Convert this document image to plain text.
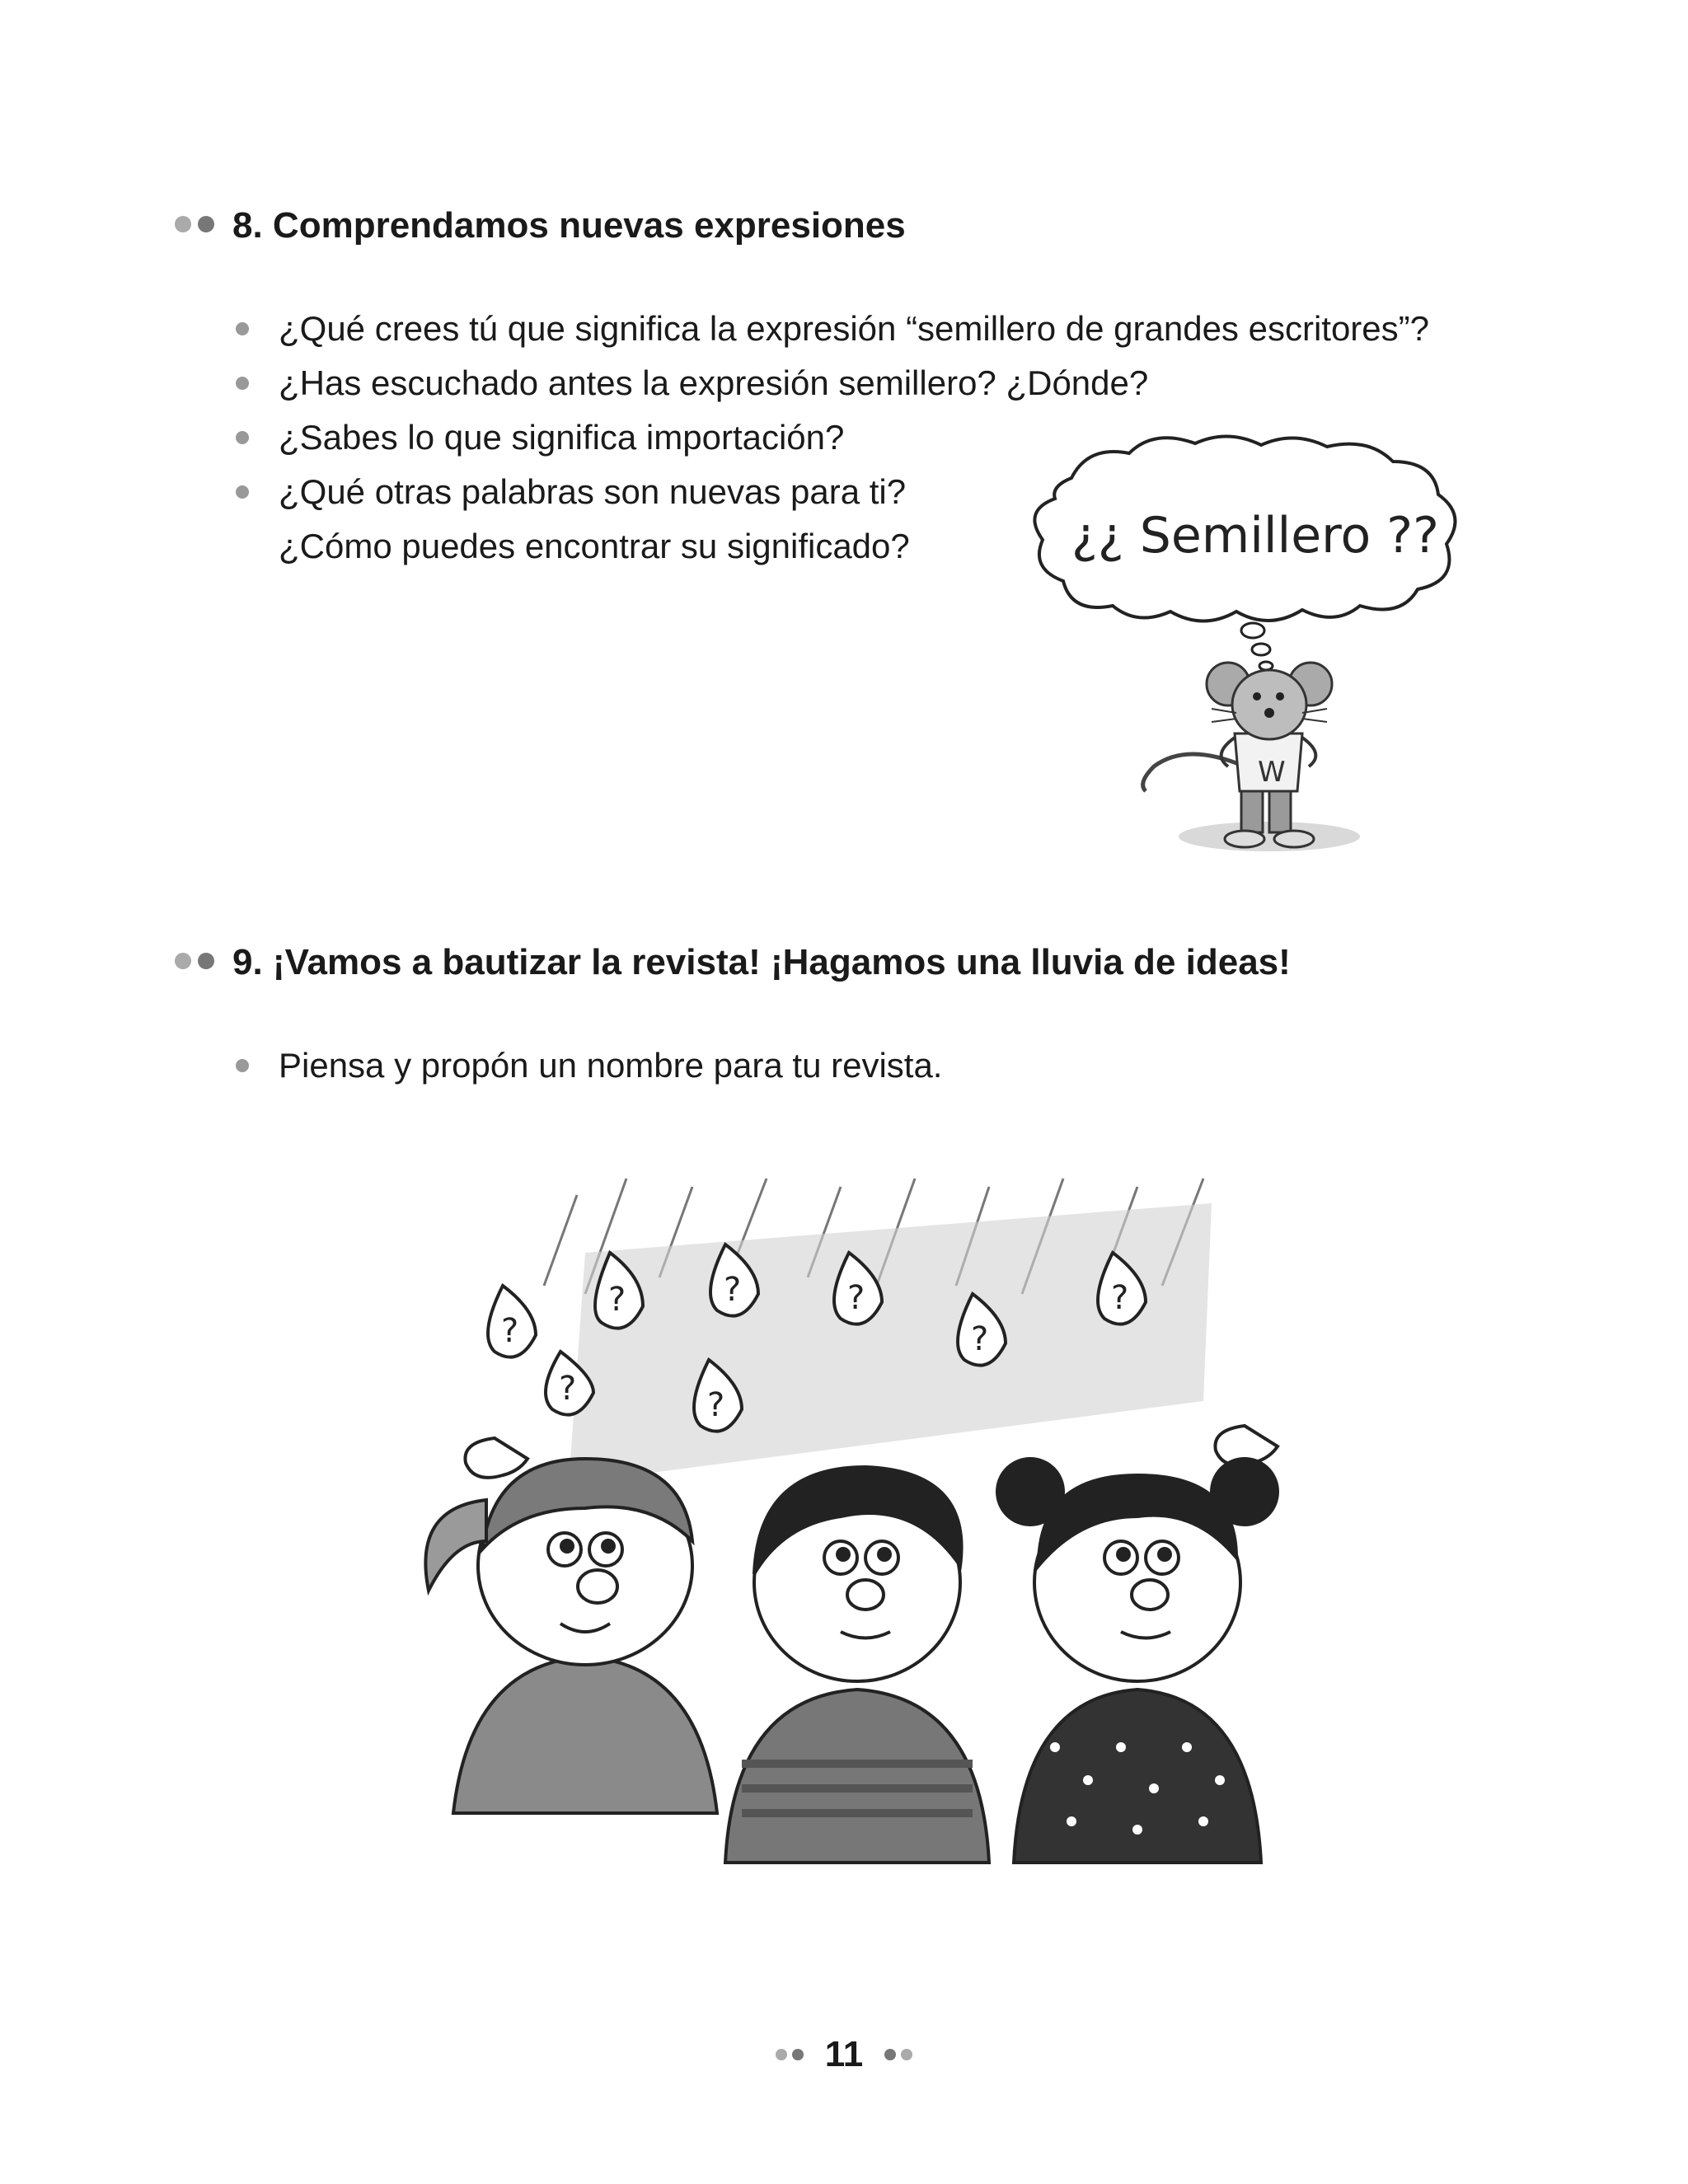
8. Comprendamos nuevas expresiones
¿Qué crees tú que significa la expresión “semillero de grandes escritores”?
¿Has escuchado antes la expresión semillero? ¿Dónde?
¿Sabes lo que significa importación?
¿Qué otras palabras son nuevas para ti?
¿Cómo puedes encontrar su significado?	¿¿ Semillero ??
W
9. ¡Vamos a bautizar la revista! ¡Hagamos una lluvia de ideas!
Piensa y propón un nombre para tu revista.
?
?	?	?
?
?
?	?
11
